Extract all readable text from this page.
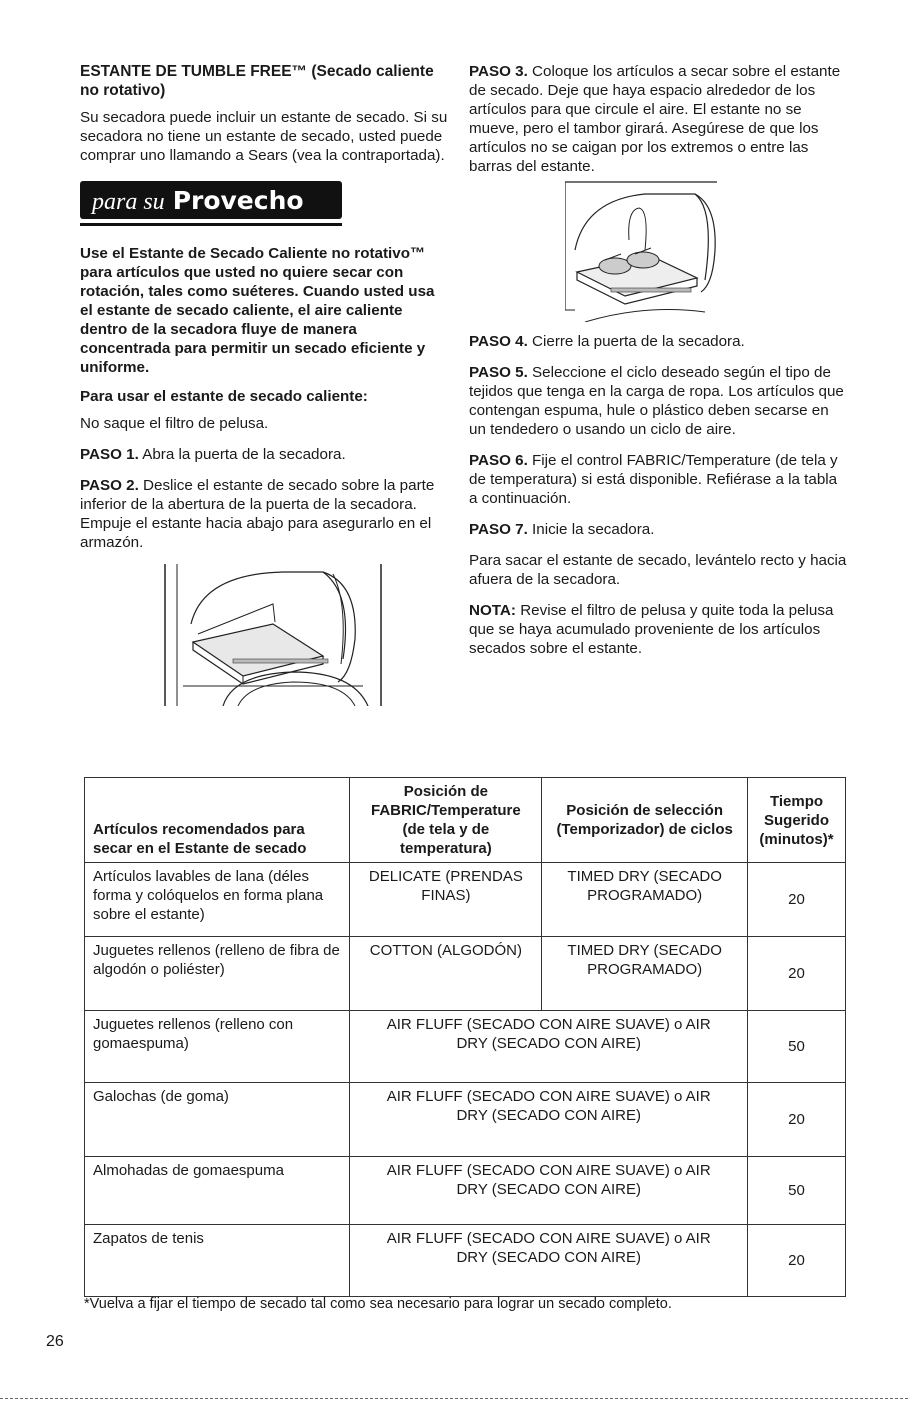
ESTANTE DE TUMBLE FREE™ (Secado caliente no rotativo)

Su secadora puede incluir un estante de secado. Si su secadora no tiene un estante de secado, usted puede comprar uno llamando a Sears (vea la contraportada).

para su Provecho

Use el Estante de Secado Caliente no rotativo™ para artículos que usted no quiere secar con rotación, tales como suéteres. Cuando usted usa el estante de secado caliente, el aire caliente dentro de la secadora fluye de manera concentrada para permitir un secado eficiente y uniforme.

Para usar el estante de secado caliente:

No saque el filtro de pelusa.

PASO 1. Abra la puerta de la secadora.

PASO 2. Deslice el estante de secado sobre la parte inferior de la abertura de la puerta de la secadora. Empuje el estante hacia abajo para asegurarlo en el armazón.

PASO 3. Coloque los artículos a secar sobre el estante de secado. Deje que haya espacio alrededor de los artículos para que circule el aire. El estante no se mueve, pero el tambor girará. Asegúrese de que los artículos no se caigan por los extremos o entre las barras del estante.

PASO 4. Cierre la puerta de la secadora.

PASO 5. Seleccione el ciclo deseado según el tipo de tejidos que tenga en la carga de ropa. Los artículos que contengan espuma, hule o plástico deben secarse en un tendedero o usando un ciclo de aire.

PASO 6. Fije el control FABRIC/Temperature (de tela y de temperatura) si está disponible. Refiérase a la tabla a continuación.

PASO 7. Inicie la secadora.

Para sacar el estante de secado, levántelo recto y hacia afuera de la secadora.

NOTA: Revise el filtro de pelusa y quite toda la pelusa que se haya acumulado proveniente de los artículos secados sobre el estante.

Artículos recomendados para secar en el Estante de secado	Posición de FABRIC/Temperature (de tela y de temperatura)	Posición de selección (Temporizador) de ciclos	Tiempo Sugerido (minutos)*
Artículos lavables de lana (déles forma y colóquelos en forma plana sobre el estante)	DELICATE (PRENDAS FINAS)	TIMED DRY (SECADO PROGRAMADO)	20
Juguetes rellenos (relleno de fibra de algodón o poliéster)	COTTON (ALGODÓN)	TIMED DRY (SECADO PROGRAMADO)	20
Juguetes rellenos (relleno con gomaespuma)	AIR FLUFF (SECADO CON AIRE SUAVE) o AIR DRY (SECADO CON AIRE)		50
Galochas (de goma)	AIR FLUFF (SECADO CON AIRE SUAVE) o AIR DRY (SECADO CON AIRE)		20
Almohadas de gomaespuma	AIR FLUFF (SECADO CON AIRE SUAVE) o AIR DRY (SECADO CON AIRE)		50
Zapatos de tenis	AIR FLUFF (SECADO CON AIRE SUAVE) o AIR DRY (SECADO CON AIRE)		20
*Vuelva a fijar el tiempo de secado tal como sea necesario para lograr un secado completo.
26
